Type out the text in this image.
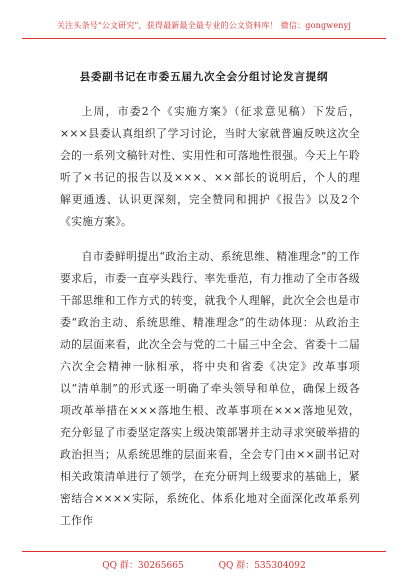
关注头条号"公文研究"，获得最新最全最专业的公文资料库！ 微信：gongwenyj
县委副书记在市委五届九次全会分组讨论发言提纲

上周，市委2个《实施方案》（征求意见稿）下发后，×××县委认真组织了学习讨论，当时大家就普遍反映这次全会的一系列文稿针对性、实用性和可落地性很强。今天上午聆听了×书记的报告以及×××、××部长的说明后，个人的理解更通透、认识更深刻，完全赞同和拥护《报告》以及2个《实施方案》。

自市委鲜明提出“政治主动、系统思维、精准理念”的工作要求后，市委一直亭头践行、率先垂范，有力推动了全市各级干部思维和工作方式的转变，就我个人理解，此次全会也是市委“政治主动、系统思维、精准理念”的生动体现：从政治主动的层面来看，此次全会与党的二十届三中全会、省委十二届六次全会精神一脉相承，将中央和省委《决定》改革事项以“清单制”的形式逐一明确了牵头领导和单位，确保上级各项改革举措在×××落地生根、改革事项在×××落地见效，充分彰显了市委坚定落实上级决策部署并主动寻求突破举措的政治担当；从系统思维的层面来看，全会专门由××副书记对相关政策清单进行了领学，在充分研判上级要求的基础上，紧密结合××××实际，系统化、体系化地对全面深化改革系列工作作

QQ 群：30265665	QQ 群：535304092
